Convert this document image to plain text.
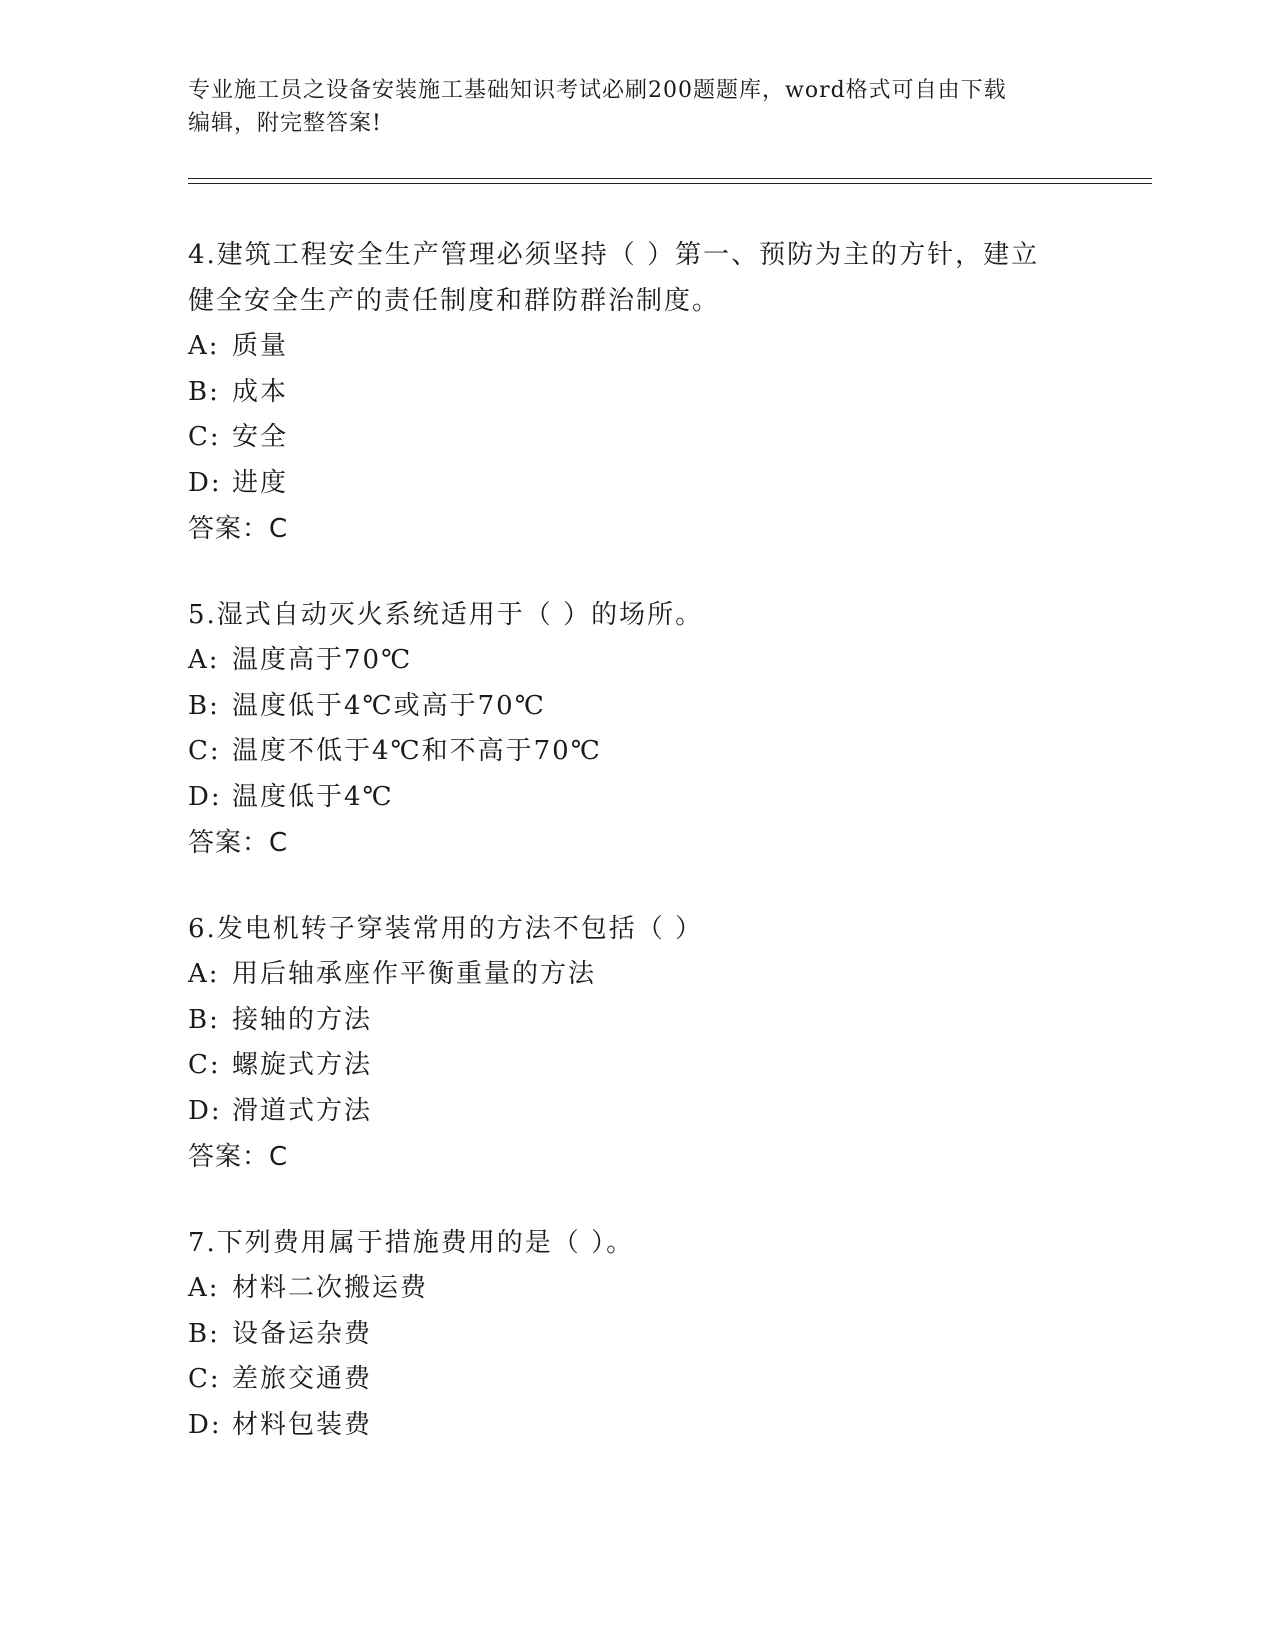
专业施工员之设备安装施工基础知识考试必刷200题题库，word格式可自由下载
编辑，附完整答案!
4.建筑工程安全生产管理必须坚持（ ）第一、预防为主的方针，建立
健全安全生产的责任制度和群防群治制度。
A: 质量
B: 成本
C: 安全
D: 进度
答案：C
5.湿式自动灭火系统适用于（ ）的场所。
A: 温度高于70℃
B: 温度低于4℃或高于70℃
C: 温度不低于4℃和不高于70℃
D: 温度低于4℃
答案：C
6.发电机转子穿装常用的方法不包括（ ）
A: 用后轴承座作平衡重量的方法
B: 接轴的方法
C: 螺旋式方法
D: 滑道式方法
答案：C
7.下列费用属于措施费用的是（ ）。
A: 材料二次搬运费
B: 设备运杂费
C: 差旅交通费
D: 材料包装费
